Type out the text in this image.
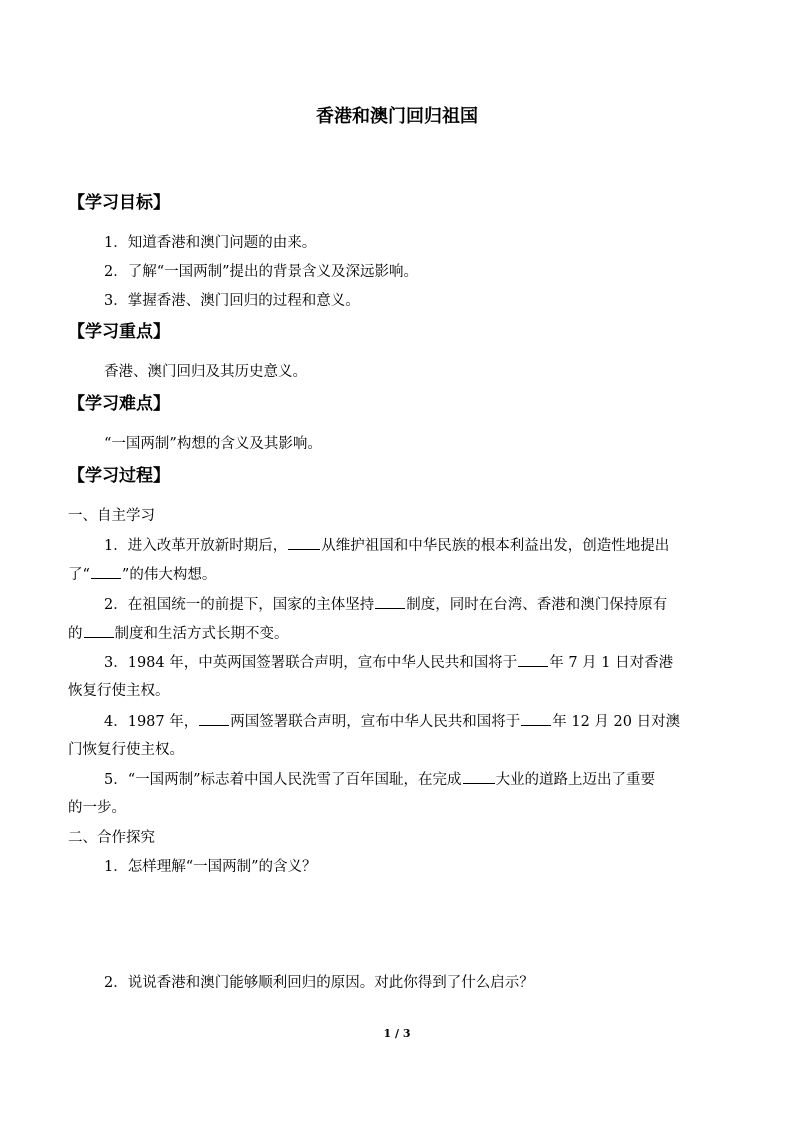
香港和澳门回归祖国
【学习目标】
1．知道香港和澳门问题的由来。
2．了解“一国两制”提出的背景含义及深远影响。
3．掌握香港、澳门回归的过程和意义。
【学习重点】
香港、澳门回归及其历史意义。
【学习难点】
“一国两制”构想的含义及其影响。
【学习过程】
一、自主学习
1．进入改革开放新时期后， 从维护祖国和中华民族的根本利益出发，创造性地提出
了“ ”的伟大构想。
2．在祖国统一的前提下，国家的主体坚持 制度，同时在台湾、香港和澳门保持原有
的 制度和生活方式长期不变。
3．1984 年，中英两国签署联合声明，宣布中华人民共和国将于 年 7 月 1 日对香港
恢复行使主权。
4．1987 年， 两国签署联合声明，宣布中华人民共和国将于 年 12 月 20 日对澳
门恢复行使主权。
5．“一国两制”标志着中国人民洗雪了百年国耻，在完成 大业的道路上迈出了重要
的一步。
二、合作探究
1．怎样理解“一国两制”的含义？
2．说说香港和澳门能够顺利回归的原因。对此你得到了什么启示？
1 / 3
